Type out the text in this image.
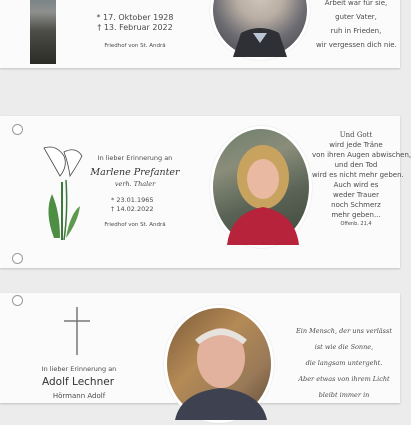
* 17. Oktober 1928
† 13. Februar 2022
Friedhof von St. Andrä
Arbeit war für sie,
guter Vater,
ruh in Frieden,
wir vergessen dich nie.
In lieber Erinnerung an
Marlene Prefanter
verh. Thaler
* 23.01.1965
† 14.02.2022
Friedhof von St. Andrä
Und Gott
wird jede Träne
von ihren Augen abwischen,
und den Tod
wird es nicht mehr geben.
Auch wird es
weder Trauer
noch Schmerz
mehr geben...
Offenb. 21,4
In lieber Erinnerung an
Adolf Lechner
Hörmann Adolf
Ein Mensch, der uns verlässt
ist wie die Sonne,
die langsam untergeht.
Aber etwas von ihrem Licht
bleibt immer in
